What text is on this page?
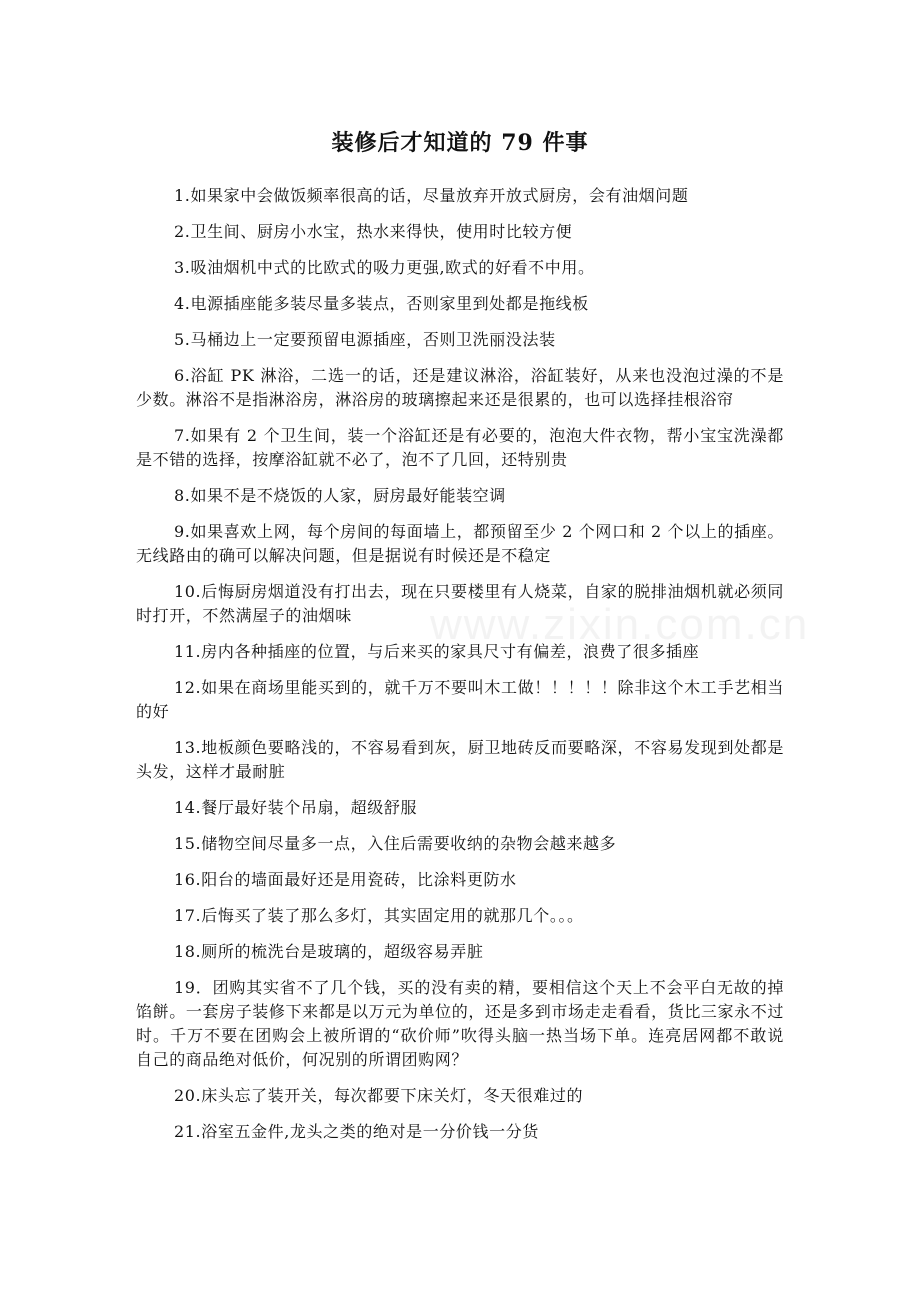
装修后才知道的 79 件事

1.如果家中会做饭频率很高的话，尽量放弃开放式厨房，会有油烟问题

2.卫生间、厨房小水宝，热水来得快，使用时比较方便

3.吸油烟机中式的比欧式的吸力更强,欧式的好看不中用。

4.电源插座能多装尽量多装点，否则家里到处都是拖线板

5.马桶边上一定要预留电源插座，否则卫洗丽没法装

6.浴缸 PK 淋浴，二选一的话，还是建议淋浴，浴缸装好，从来也没泡过澡的不是少数。淋浴不是指淋浴房，淋浴房的玻璃擦起来还是很累的，也可以选择挂根浴帘

7.如果有 2 个卫生间，装一个浴缸还是有必要的，泡泡大件衣物，帮小宝宝洗澡都是不错的选择，按摩浴缸就不必了，泡不了几回，还特别贵

8.如果不是不烧饭的人家，厨房最好能装空调

9.如果喜欢上网，每个房间的每面墙上，都预留至少 2 个网口和 2 个以上的插座。无线路由的确可以解决问题，但是据说有时候还是不稳定

10.后悔厨房烟道没有打出去，现在只要楼里有人烧菜，自家的脱排油烟机就必须同时打开，不然满屋子的油烟味

11.房内各种插座的位置，与后来买的家具尺寸有偏差，浪费了很多插座

12.如果在商场里能买到的，就千万不要叫木工做！！！！！除非这个木工手艺相当的好

13.地板颜色要略浅的，不容易看到灰，厨卫地砖反而要略深，不容易发现到处都是头发，这样才最耐脏

14.餐厅最好装个吊扇，超级舒服

15.储物空间尽量多一点，入住后需要收纳的杂物会越来越多

16.阳台的墙面最好还是用瓷砖，比涂料更防水

17.后悔买了装了那么多灯，其实固定用的就那几个。。。

18.厕所的梳洗台是玻璃的，超级容易弄脏

19．团购其实省不了几个钱，买的没有卖的精，要相信这个天上不会平白无故的掉馅餅。一套房子装修下来都是以万元为单位的，还是多到市场走走看看，货比三家永不过时。千万不要在团购会上被所谓的“砍价师”吹得头脑一热当场下单。连亮居网都不敢说自己的商品绝对低价，何况别的所谓团购网？

20.床头忘了装开关，每次都要下床关灯，冬天很难过的

21.浴室五金件,龙头之类的绝对是一分价钱一分货

www.zixin.com.cn
